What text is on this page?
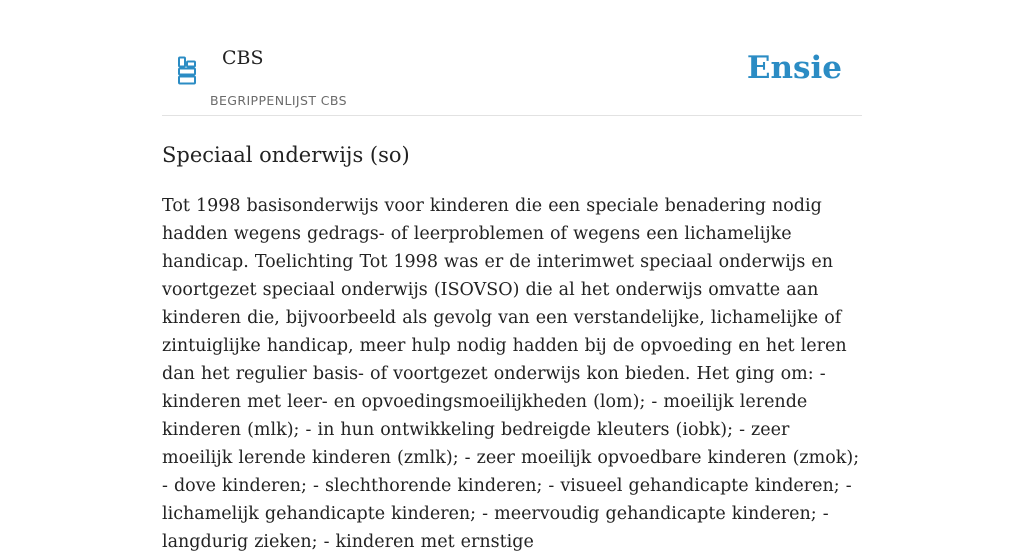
CBS
BEGRIPPENLIJST CBS
Ensie
Speciaal onderwijs (so)

Tot 1998 basisonderwijs voor kinderen die een speciale benadering nodig hadden wegens gedrags- of leerproblemen of wegens een lichamelijke handicap. Toelichting Tot 1998 was er de interimwet speciaal onderwijs en voortgezet speciaal onderwijs (ISOVSO) die al het onderwijs omvatte aan kinderen die, bijvoorbeeld als gevolg van een verstandelijke, lichamelijke of zintuiglijke handicap, meer hulp nodig hadden bij de opvoeding en het leren dan het regulier basis- of voortgezet onderwijs kon bieden. Het ging om: - kinderen met leer- en opvoedingsmoeilijkheden (lom); - moeilijk lerende kinderen (mlk); - in hun ontwikkeling bedreigde kleuters (iobk); - zeer moeilijk lerende kinderen (zmlk); - zeer moeilijk opvoedbare kinderen (zmok); - dove kinderen; - slechthorende kinderen; - visueel gehandicapte kinderen; - lichamelijk gehandicapte kinderen; - meervoudig gehandicapte kinderen; - langdurig zieken; - kinderen met ernstige
